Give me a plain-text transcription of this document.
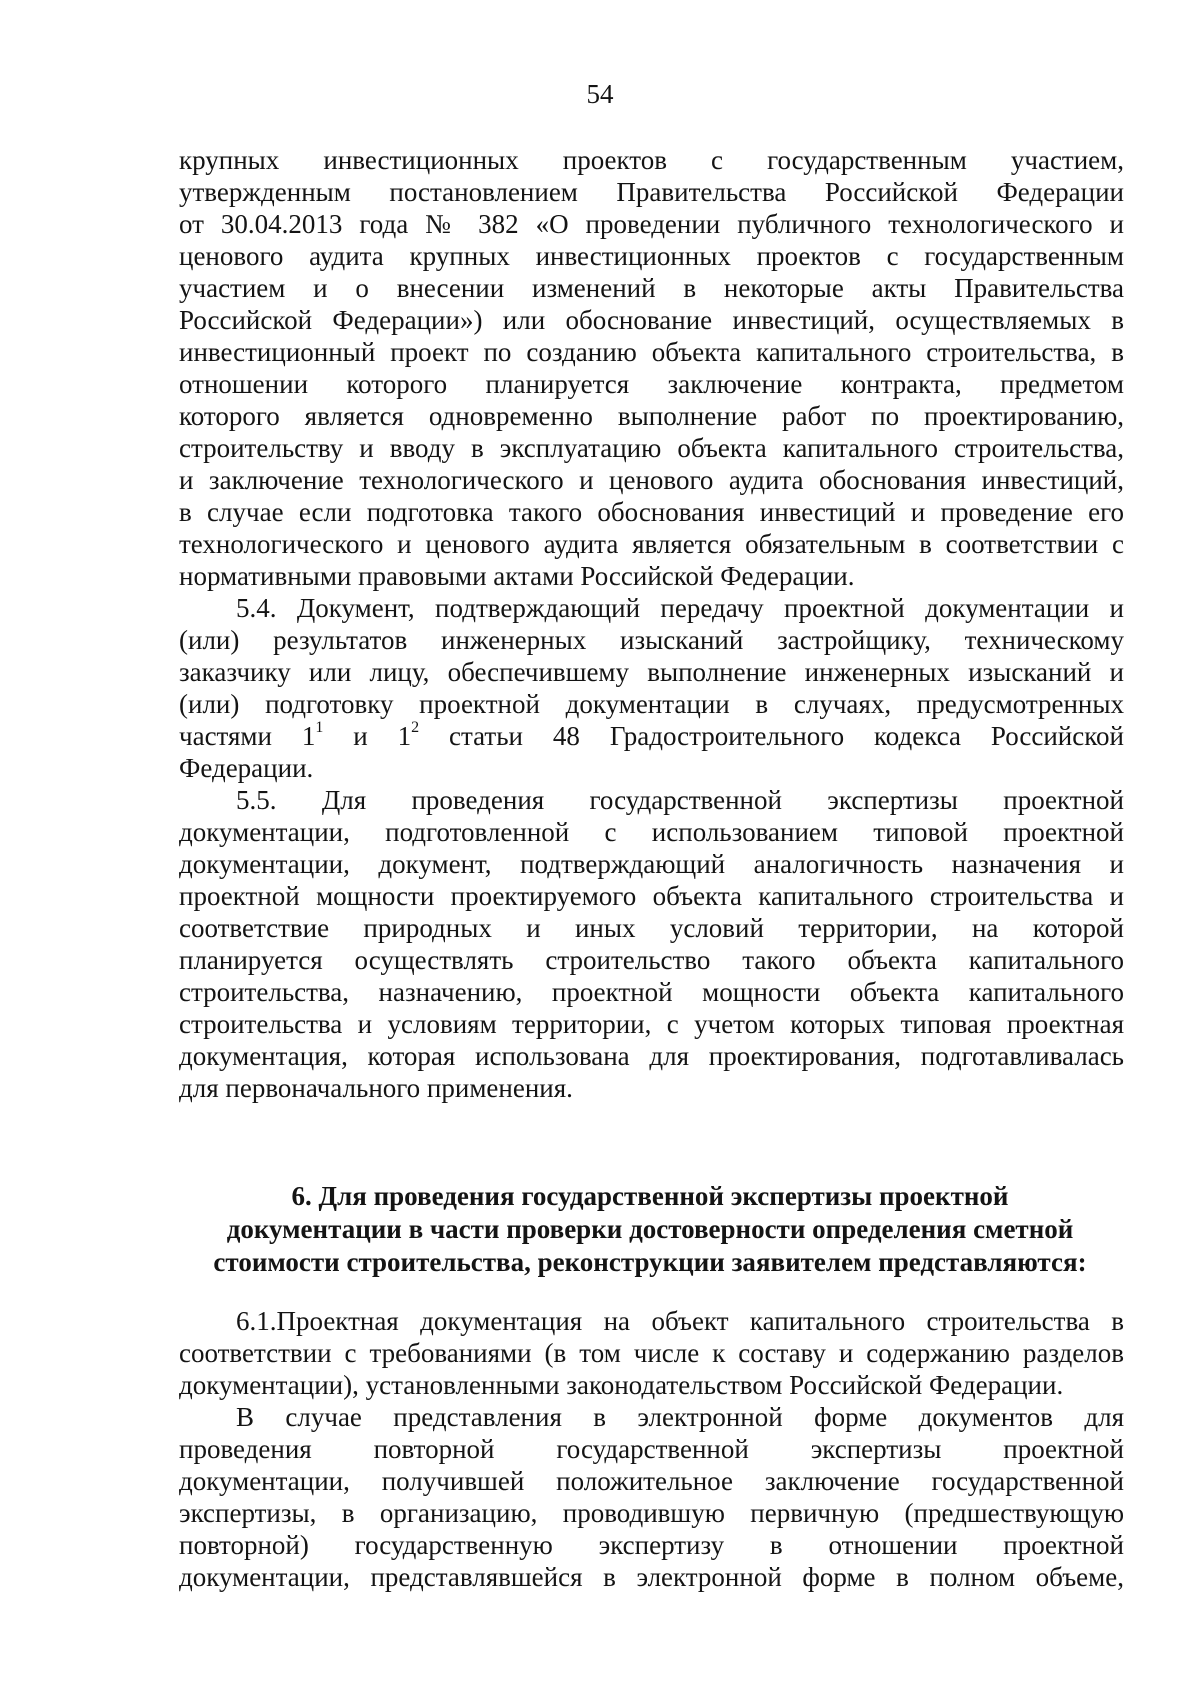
54
крупных инвестиционных проектов с государственным участием,
утвержденным постановлением Правительства Российской Федерации
от 30.04.2013 года № 382 «О проведении публичного технологического и
ценового аудита крупных инвестиционных проектов с государственным
участием и о внесении изменений в некоторые акты Правительства
Российской Федерации») или обоснование инвестиций, осуществляемых в
инвестиционный проект по созданию объекта капитального строительства, в
отношении которого планируется заключение контракта, предметом
которого является одновременно выполнение работ по проектированию,
строительству и вводу в эксплуатацию объекта капитального строительства,
и заключение технологического и ценового аудита обоснования инвестиций,
в случае если подготовка такого обоснования инвестиций и проведение его
технологического и ценового аудита является обязательным в соответствии с
нормативными правовыми актами Российской Федерации.
5.4. Документ, подтверждающий передачу проектной документации и
(или) результатов инженерных изысканий застройщику, техническому
заказчику или лицу, обеспечившему выполнение инженерных изысканий и
(или) подготовку проектной документации в случаях, предусмотренных
частями $1^1$ и $1^2$ статьи 48 Градостроительного кодекса Российской
Федерации.
5.5. Для проведения государственной экспертизы проектной
документации, подготовленной с использованием типовой проектной
документации, документ, подтверждающий аналогичность назначения и
проектной мощности проектируемого объекта капитального строительства и
соответствие природных и иных условий территории, на которой
планируется осуществлять строительство такого объекта капитального
строительства, назначению, проектной мощности объекта капитального
строительства и условиям территории, с учетом которых типовая проектная
документация, которая использована для проектирования, подготавливалась
для первоначального применения.
6. Для проведения государственной экспертизы проектной
документации в части проверки достоверности определения сметной
стоимости строительства, реконструкции заявителем представляются:
6.1.Проектная документация на объект капитального строительства в
соответствии с требованиями (в том числе к составу и содержанию разделов
документации), установленными законодательством Российской Федерации.
В случае представления в электронной форме документов для
проведения повторной государственной экспертизы проектной
документации, получившей положительное заключение государственной
экспертизы, в организацию, проводившую первичную (предшествующую
повторной) государственную экспертизу в отношении проектной
документации, представлявшейся в электронной форме в полном объеме,
